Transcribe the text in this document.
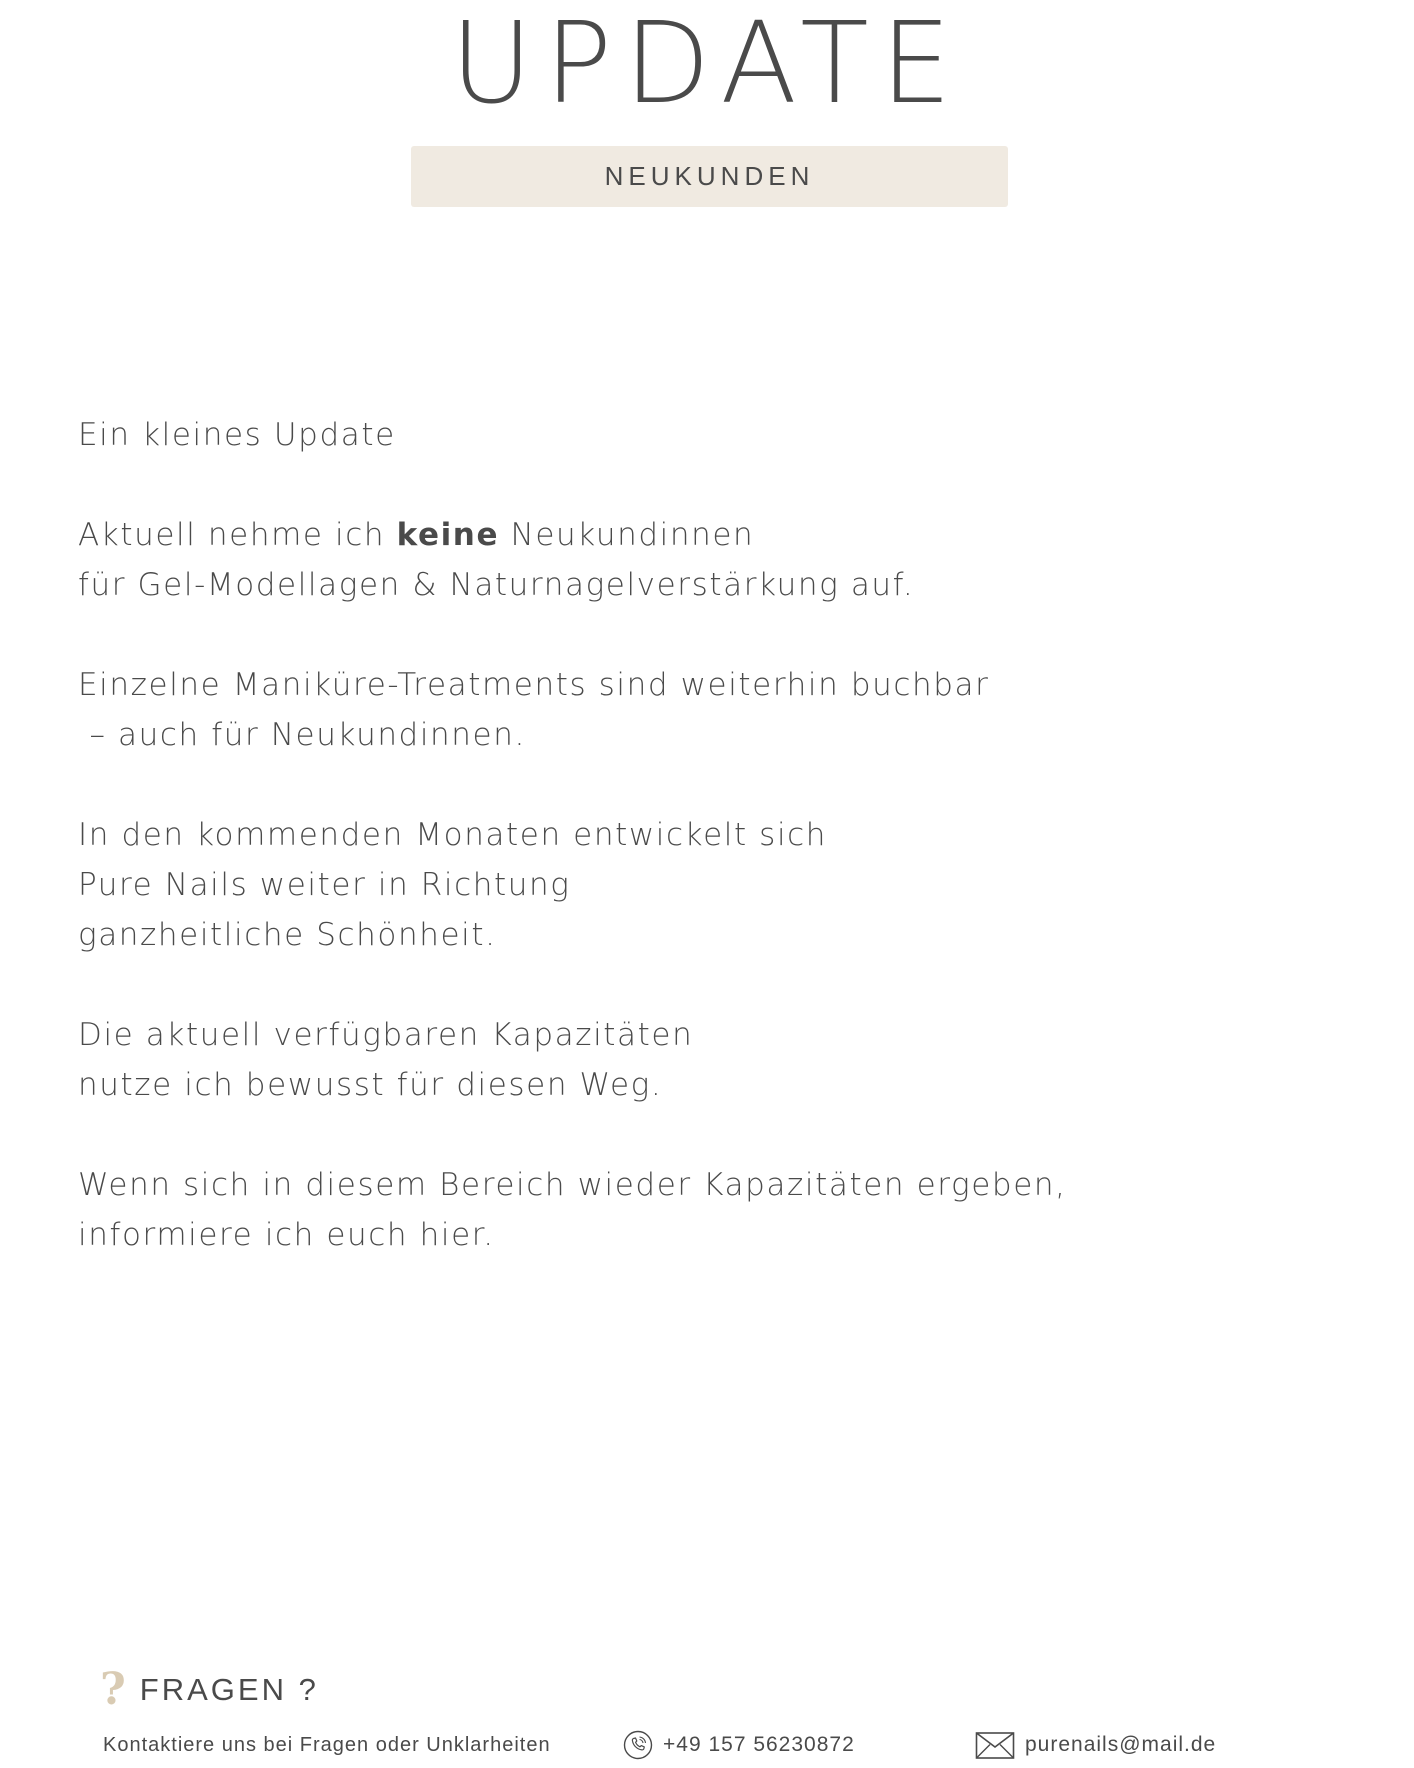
UPDATE
NEUKUNDEN

Ein kleines Update

Aktuell nehme ich keine Neukundinnen
für Gel-Modellagen & Naturnagelverstärkung auf.

Einzelne Maniküre-Treatments sind weiterhin buchbar
– auch für Neukundinnen.

In den kommenden Monaten entwickelt sich
Pure Nails weiter in Richtung
ganzheitliche Schönheit.

Die aktuell verfügbaren Kapazitäten
nutze ich bewusst für diesen Weg.

Wenn sich in diesem Bereich wieder Kapazitäten ergeben,
informiere ich euch hier.

? FRAGEN ?
Kontaktiere uns bei Fragen oder Unklarheiten	+49 157 56230872	purenails@mail.de
